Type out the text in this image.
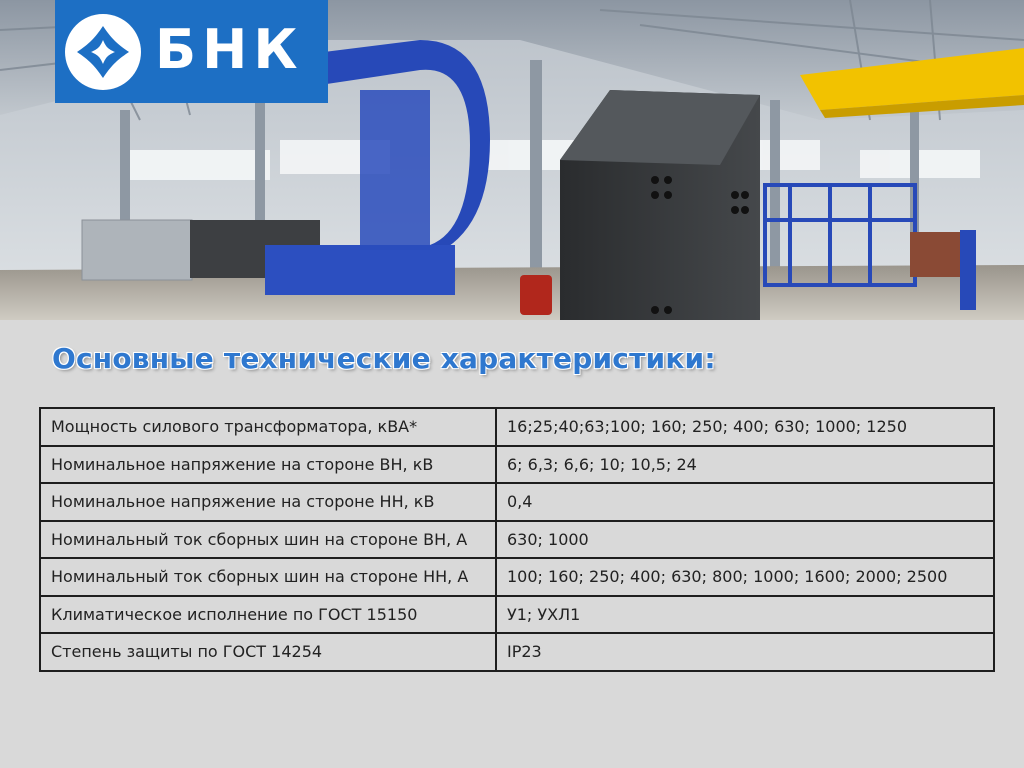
БНК
Основные технические характеристики:
Мощность силового трансформатора, кВА*	16;25;40;63;100; 160; 250; 400; 630; 1000; 1250
Номинальное напряжение на стороне ВН, кВ	6; 6,3; 6,6; 10; 10,5; 24
Номинальное напряжение на стороне НН, кВ	0,4
Номинальный ток сборных шин на стороне ВН, А	630; 1000
Номинальный ток сборных шин на стороне НН, А	100; 160; 250; 400; 630; 800; 1000; 1600; 2000; 2500
Климатическое исполнение по ГОСТ 15150	У1; УХЛ1
Степень защиты по ГОСТ 14254	IP23
